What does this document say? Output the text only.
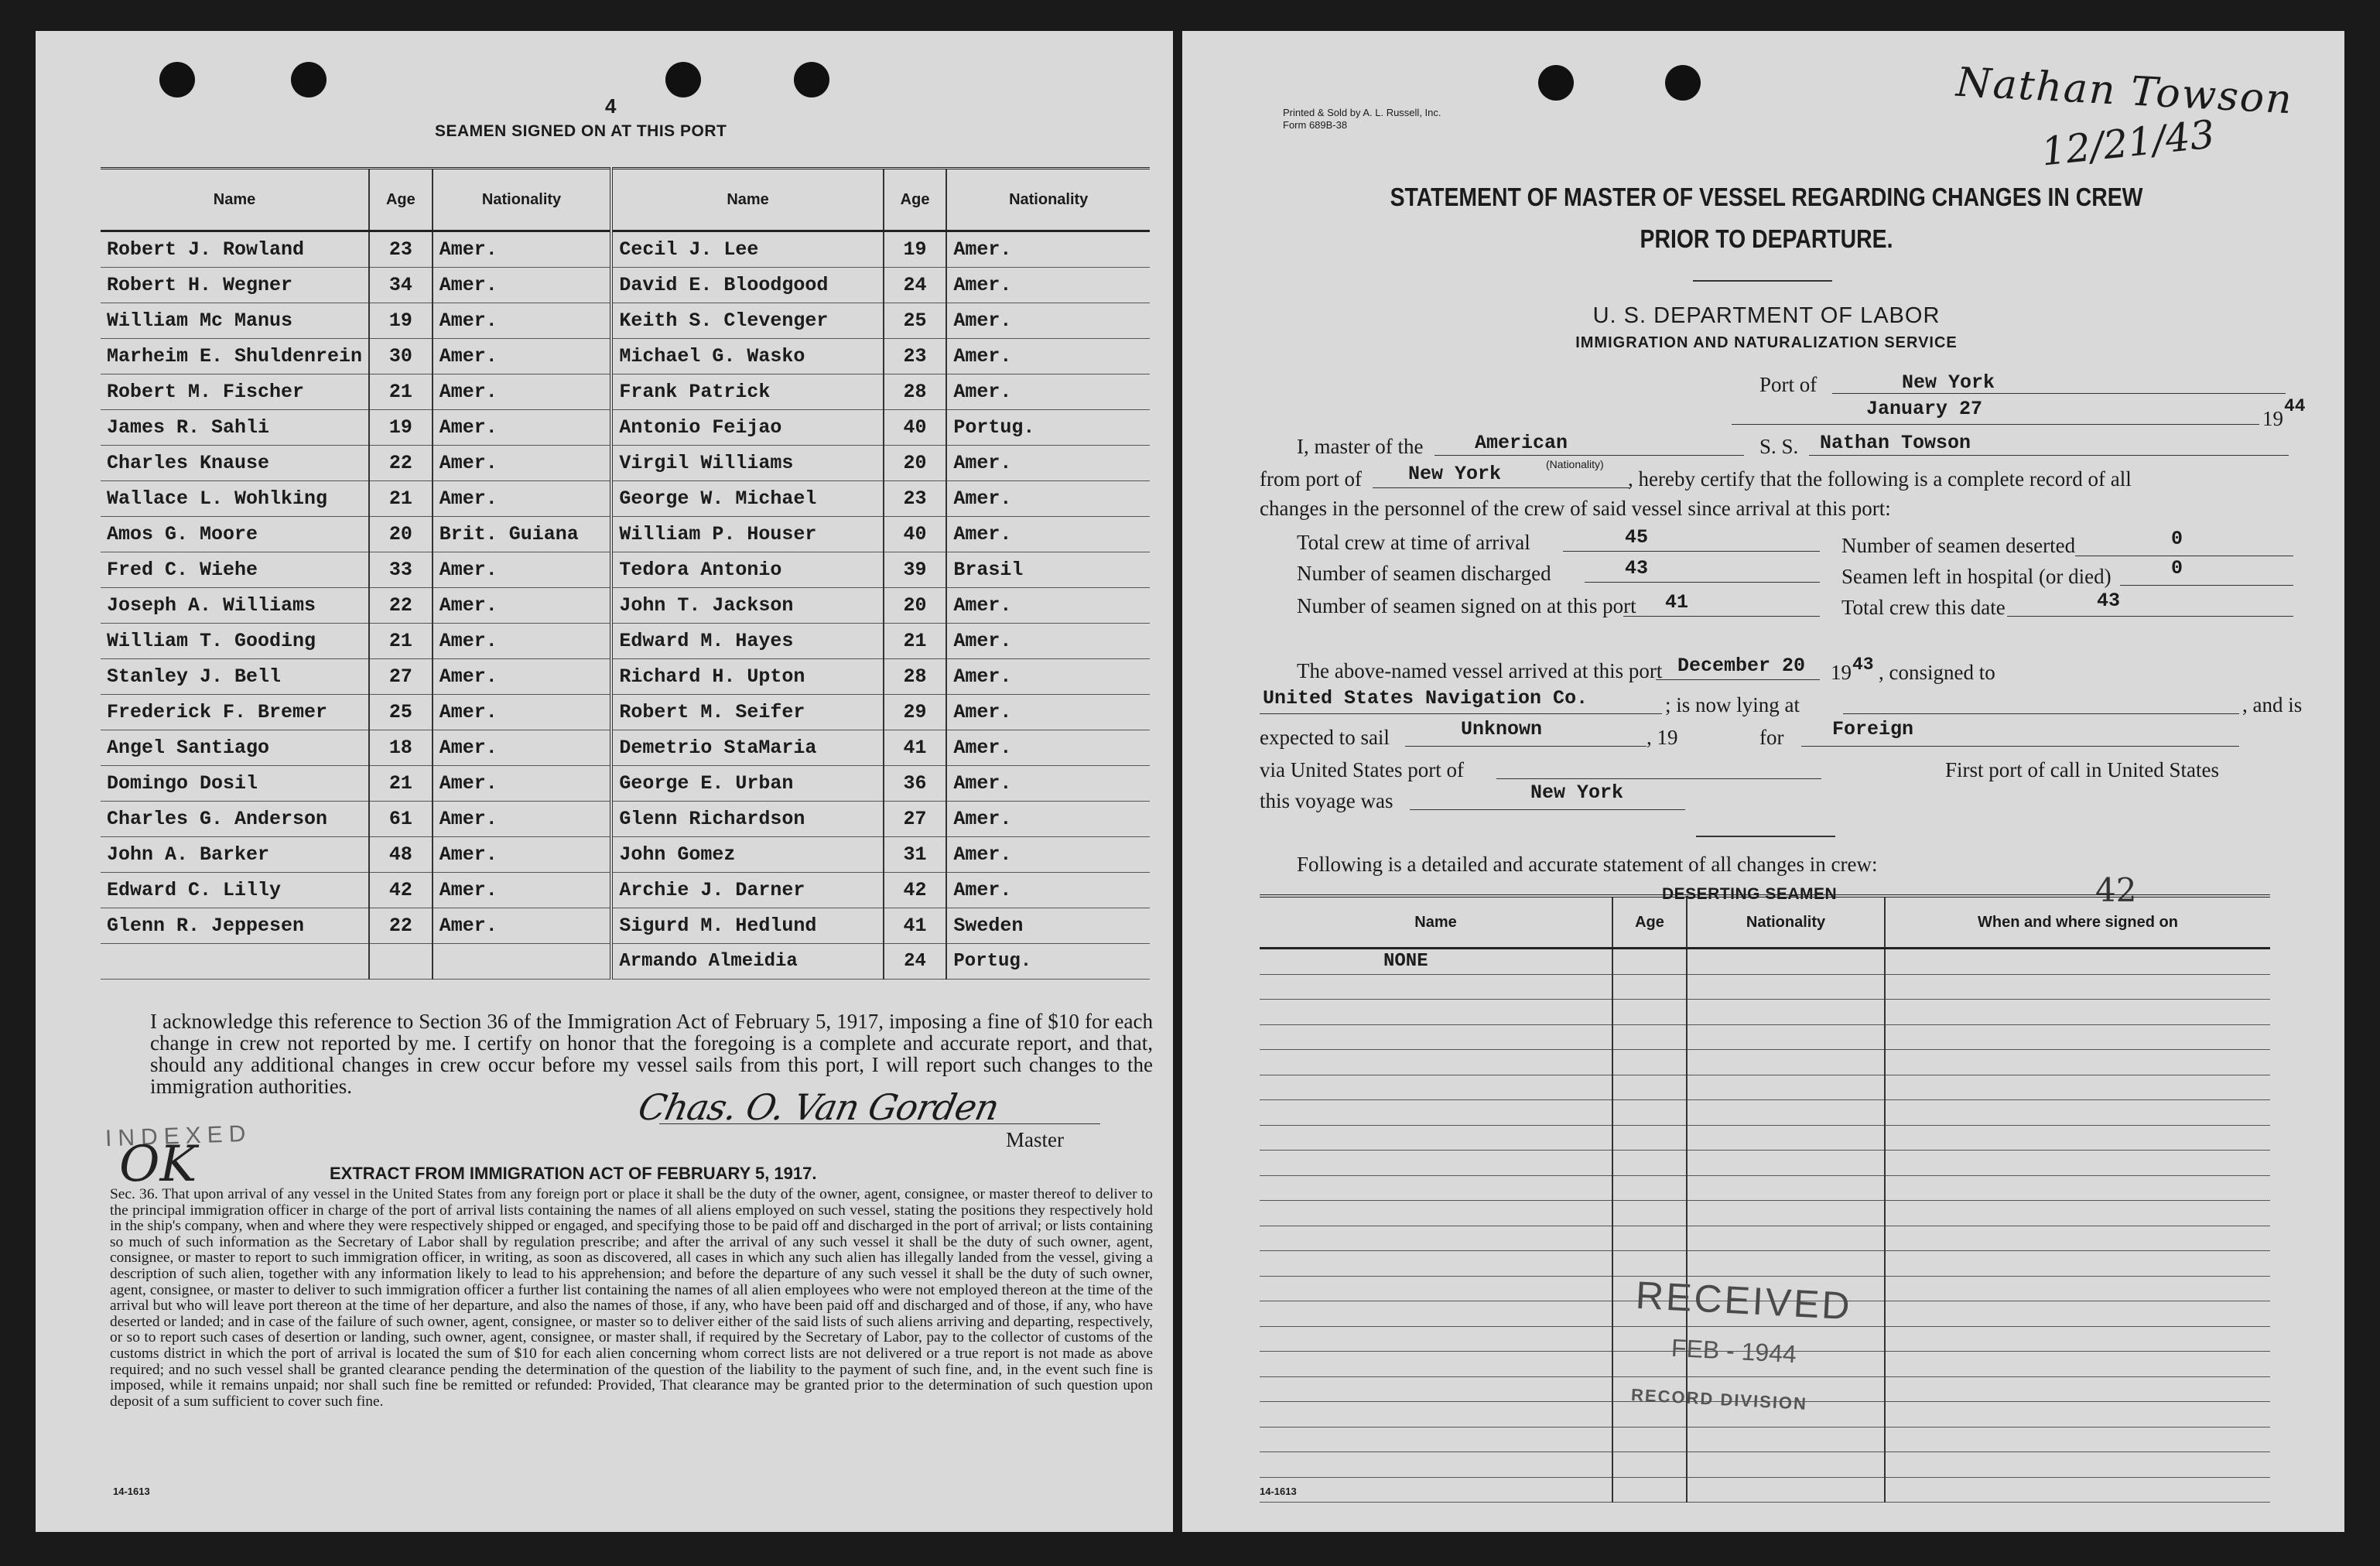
4
SEAMEN SIGNED ON AT THIS PORT
Name	Age	Nationality	Name	Age	Nationality
Robert J. Rowland	23	Amer.	Cecil J. Lee	19	Amer.
Robert H. Wegner	34	Amer.	David E. Bloodgood	24	Amer.
William Mc Manus	19	Amer.	Keith S. Clevenger	25	Amer.
Marheim E. Shuldenrein	30	Amer.	Michael G. Wasko	23	Amer.
Robert M. Fischer	21	Amer.	Frank Patrick	28	Amer.
James R. Sahli	19	Amer.	Antonio Feijao	40	Portug.
Charles Knause	22	Amer.	Virgil Williams	20	Amer.
Wallace L. Wohlking	21	Amer.	George W. Michael	23	Amer.
Amos G. Moore	20	Brit. Guiana	William P. Houser	40	Amer.
Fred C. Wiehe	33	Amer.	Tedora Antonio	39	Brasil
Joseph A. Williams	22	Amer.	John T. Jackson	20	Amer.
William T. Gooding	21	Amer.	Edward M. Hayes	21	Amer.
Stanley J. Bell	27	Amer.	Richard H. Upton	28	Amer.
Frederick F. Bremer	25	Amer.	Robert M. Seifer	29	Amer.
Angel Santiago	18	Amer.	Demetrio StaMaria	41	Amer.
Domingo Dosil	21	Amer.	George E. Urban	36	Amer.
Charles G. Anderson	61	Amer.	Glenn Richardson	27	Amer.
John A. Barker	48	Amer.	John Gomez	31	Amer.
Edward C. Lilly	42	Amer.	Archie J. Darner	42	Amer.
Glenn R. Jeppesen	22	Amer.	Sigurd M. Hedlund	41	Sweden
			Armando Almeidia	24	Portug.
I acknowledge this reference to Section 36 of the Immigration Act of February 5, 1917, imposing a fine of $10 for each change in crew not reported by me. I certify on honor that the foregoing is a complete and accurate report, and that, should any additional changes in crew occur before my vessel sails from this port, I will report such changes to the immigration authorities.	Chas. O. Van Gorden
Master
INDEXED
OK	EXTRACT FROM IMMIGRATION ACT OF FEBRUARY 5, 1917.
Sec. 36. That upon arrival of any vessel in the United States from any foreign port or place it shall be the duty of the owner, agent, consignee, or master thereof to deliver to the principal immigration officer in charge of the port of arrival lists containing the names of all aliens employed on such vessel, stating the positions they respectively hold in the ship's company, when and where they were respectively shipped or engaged, and specifying those to be paid off and discharged in the port of arrival; or lists containing so much of such information as the Secretary of Labor shall by regulation prescribe; and after the arrival of any such vessel it shall be the duty of such owner, agent, consignee, or master to report to such immigration officer, in writing, as soon as discovered, all cases in which any such alien has illegally landed from the vessel, giving a description of such alien, together with any information likely to lead to his apprehension; and before the departure of any such vessel it shall be the duty of such owner, agent, consignee, or master to deliver to such immigration officer a further list containing the names of all alien employees who were not employed thereon at the time of the arrival but who will leave port thereon at the time of her departure, and also the names of those, if any, who have been paid off and discharged and of those, if any, who have deserted or landed; and in case of the failure of such owner, agent, consignee, or master so to deliver either of the said lists of such aliens arriving and departing, respectively, or so to report such cases of desertion or landing, such owner, agent, consignee, or master shall, if required by the Secretary of Labor, pay to the collector of customs of the customs district in which the port of arrival is located the sum of $10 for each alien concerning whom correct lists are not delivered or a true report is not made as above required; and no such vessel shall be granted clearance pending the determination of the question of the liability to the payment of such fine, and, in the event such fine is imposed, while it remains unpaid; nor shall such fine be remitted or refunded: Provided, That clearance may be granted prior to the determination of such question upon deposit of a sum sufficient to cover such fine.
14-1613
Printed & Sold by A. L. Russell, Inc.
Form 689B-38
Nathan Towson
12/21/43
STATEMENT OF MASTER OF VESSEL REGARDING CHANGES IN CREW
PRIOR TO DEPARTURE.
U. S. DEPARTMENT OF LABOR
IMMIGRATION AND NATURALIZATION SERVICE
Port of	New York
January 27	19
44
I, master of the	American
(Nationality)
S. S. Nathan Towson
from port of New York	, hereby certify that the following is a complete record of all
changes in the personnel of the crew of said vessel since arrival at this port:
Total crew at time of arrival	45	Number of seamen deserted	0
Number of seamen discharged	43	Seamen left in hospital (or died)	0
Number of seamen signed on at this port 41	Total crew this date	43
The above-named vessel arrived at this port December 20 19 43 , consigned to
United States Navigation Co.	; is now lying at	, and is
expected to sail	Unknown	, 19	for	Foreign
via United States port of	First port of call in United States
this voyage was	New York
Following is a detailed and accurate statement of all changes in crew:
DESERTING SEAMEN	42
Name	Age	Nationality	When and where signed on
NONE			

RECEIVED
FEB - 1944
RECORD DIVISION
14-1613
